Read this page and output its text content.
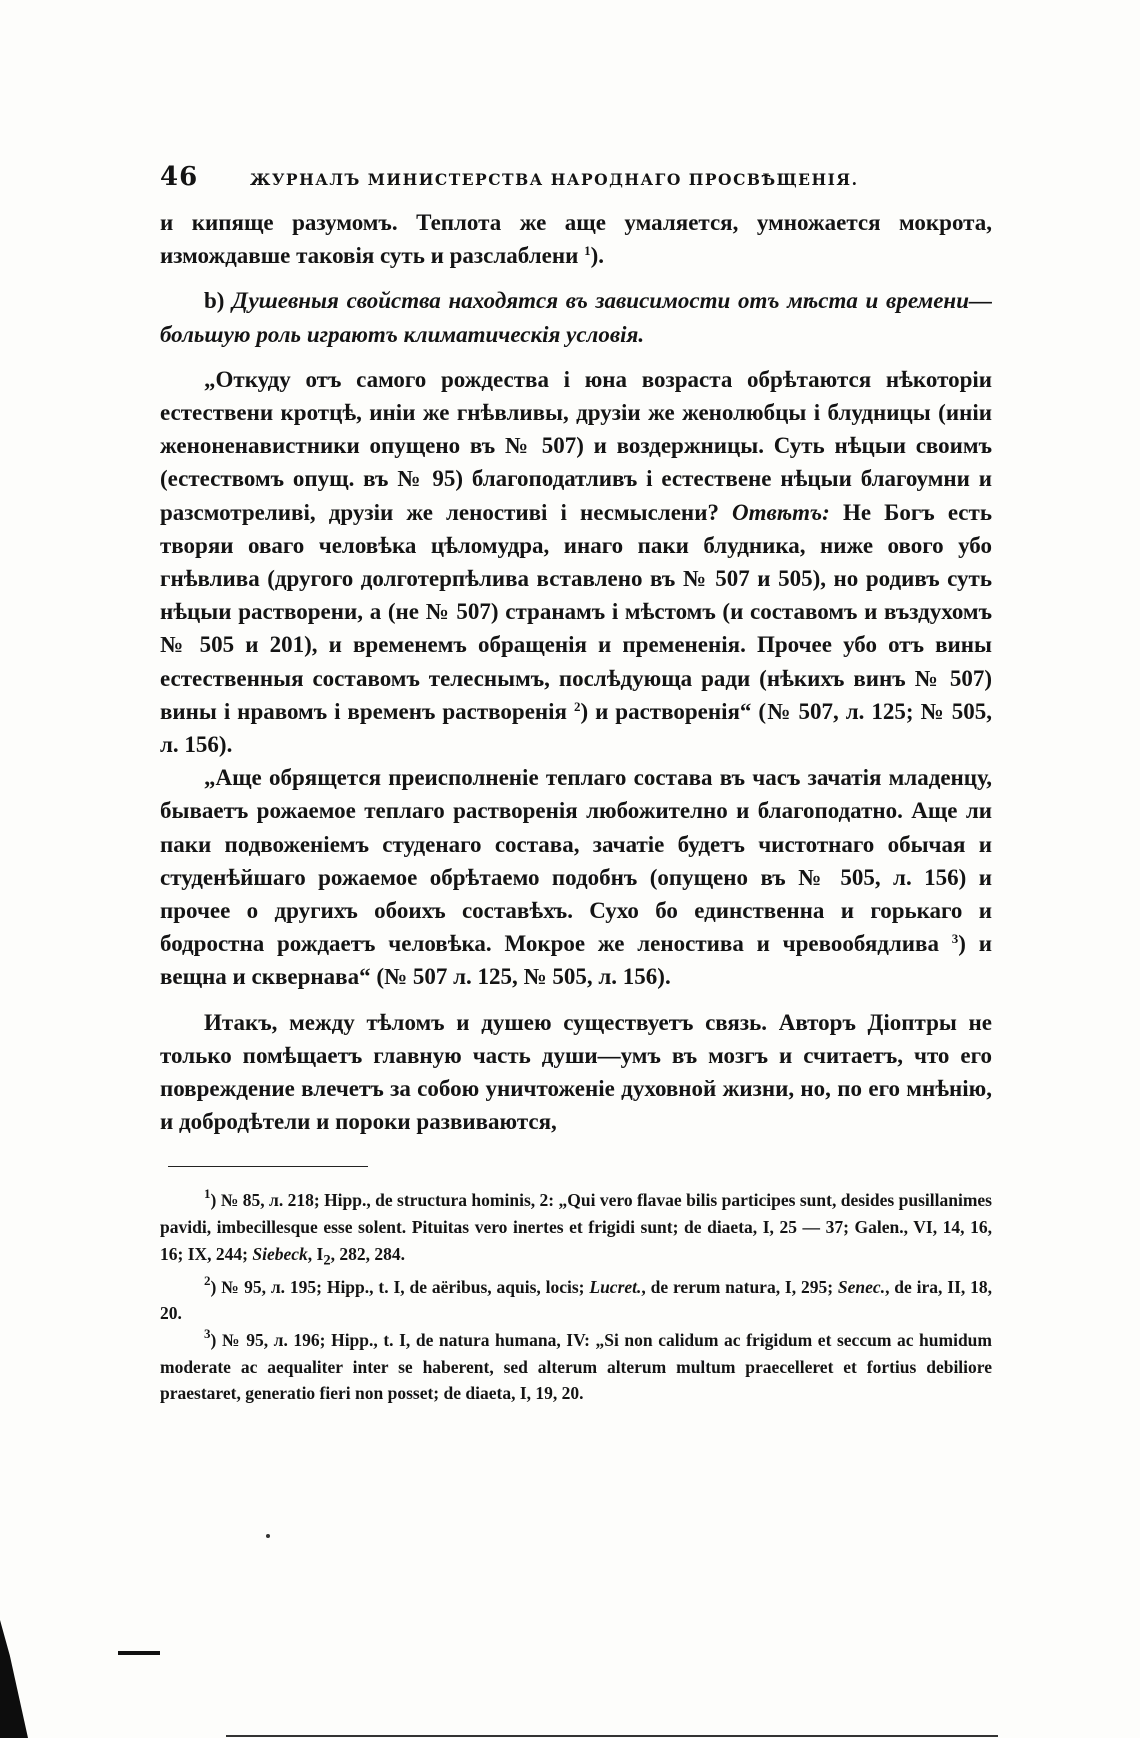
46	ЖУРНАЛЪ МИНИСТЕРСТВА НАРОДНАГО ПРОСВѢЩЕНІЯ.

и кипяще разумомъ. Теплота же аще умаляется, умножается мокрота, измождавше таковія суть и разслаблени $^1$).

b) Душевныя свойства находятся въ зависимости отъ мѣста и времени—большую роль играютъ климатическія условія.

„Откуду отъ самого рождества і юна возраста обрѣтаются нѣкоторіи естествени кротцѣ, иніи же гнѣвливы, друзіи же женолюбцы і блудницы (иніи женоненавистники опущено въ № 507) и воздержницы. Суть нѣцыи своимъ (естествомъ опущ. въ № 95) благоподатливъ і естествене нѣцыи благоумни и разсмотреливі, друзіи же леностиві і несмыслени? Отвѣтъ: Не Богъ есть творяи оваго человѣка цѣломудра, инаго паки блудника, ниже ового убо гнѣвлива (другого долготерпѣлива вставлено въ № 507 и 505), но родивъ суть нѣцыи растворени, а (не № 507) странамъ і мѣстомъ (и составомъ и въздухомъ № 505 и 201), и временемъ обращенія и премененія. Прочее убо отъ вины естественныя составомъ телеснымъ, послѣдующа ради (нѣкихъ винъ № 507) вины і нравомъ і временъ растворенія $^2$) и растворенія“ (№ 507, л. 125; № 505, л. 156).

„Аще обрящется преисполненіе теплаго состава въ часъ зачатія младенцу, бываетъ рожаемое теплаго растворенія любожително и благоподатно. Аще ли паки подвоженіемъ студенаго состава, зачатіе будетъ чистотнаго обычая и студенѣйшаго рожаемое обрѣтаемо подобнъ (опущено въ № 505, л. 156) и прочее о другихъ обоихъ составѣхъ. Сухо бо единственна и горькаго и бодростна рождаетъ человѣка. Мокрое же леностива и чревообядлива $^3$) и вещна и сквернава“ (№ 507 л. 125, № 505, л. 156).

Итакъ, между тѣломъ и душею существуетъ связь. Авторъ Діоптры не только помѣщаетъ главную часть души—умъ въ мозгъ и считаетъ, что его повреждение влечетъ за собою уничтоженіе духовной жизни, но, по его мнѣнію, и добродѣтели и пороки развиваются,

$^1$) № 85, л. 218; Hipp., de structura hominis, 2: „Qui vero flavae bilis participes sunt, desides pusillanimes pavidi, imbecillesque esse solent. Pituitas vero inertes et frigidi sunt; de diaeta, I, 25 — 37; Galen., VI, 14, 16, 16; IX, 244; Siebeck, $I_2$, 282, 284.

$^2$) № 95, л. 195; Hipp., t. I, de aëribus, aquis, locis; Lucret., de rerum natura, I, 295; Senec., de ira, II, 18, 20.

$^3$) № 95, л. 196; Hipp., t. I, de natura humana, IV: „Si non calidum ac frigidum et seccum ac humidum moderate ac aequaliter inter se haberent, sed alterum alterum multum praecelleret et fortius debiliore praestaret, generatio fieri non posset; de diaeta, I, 19, 20.
